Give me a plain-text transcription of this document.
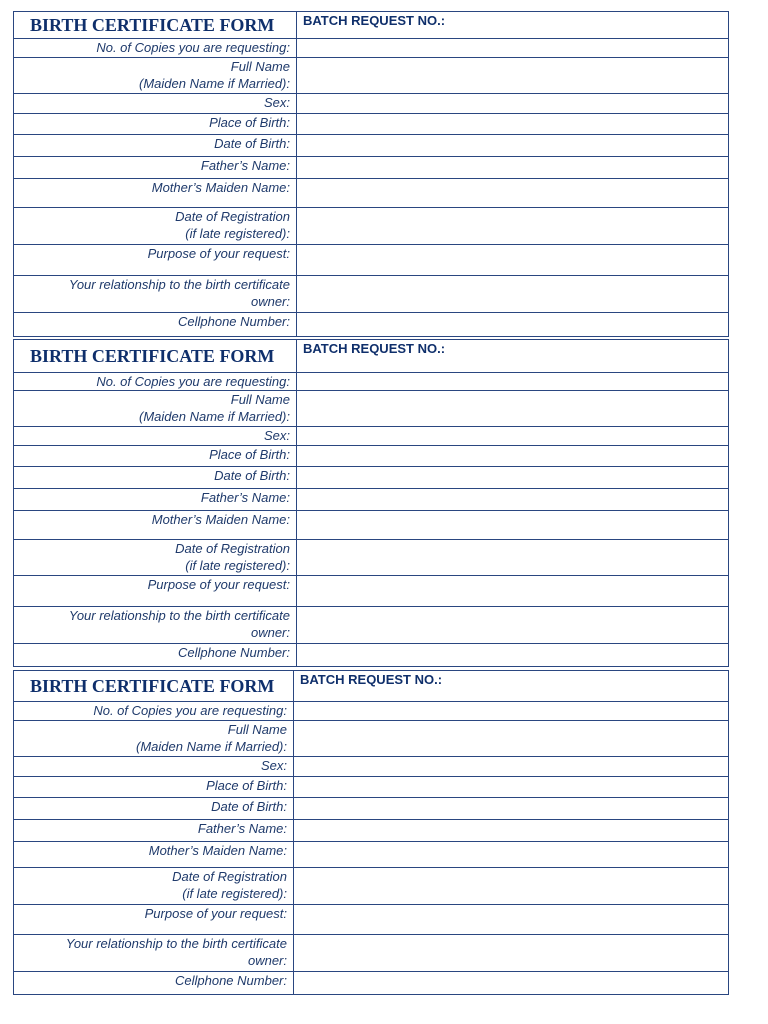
BIRTH CERTIFICATE FORM	BATCH REQUEST NO.:

No. of Copies you are requesting:	

Full Name
(Maiden Name if Married):	

Sex:	

Place of Birth:	

Date of Birth:	

Father’s Name:	

Mother’s Maiden Name:	

Date of Registration
(if late registered):	

Purpose of your request:	

Your relationship to the birth certificate
owner:	

Cellphone Number:	

BIRTH CERTIFICATE FORM	BATCH REQUEST NO.:

No. of Copies you are requesting:	

Full Name
(Maiden Name if Married):	

Sex:	

Place of Birth:	

Date of Birth:	

Father’s Name:	

Mother’s Maiden Name:	

Date of Registration
(if late registered):	

Purpose of your request:	

Your relationship to the birth certificate
owner:	

Cellphone Number:	

BIRTH CERTIFICATE FORM	BATCH REQUEST NO.:

No. of Copies you are requesting:	

Full Name
(Maiden Name if Married):	

Sex:	

Place of Birth:	

Date of Birth:	

Father’s Name:	

Mother’s Maiden Name:	

Date of Registration
(if late registered):	

Purpose of your request:	

Your relationship to the birth certificate
owner:	

Cellphone Number:	
